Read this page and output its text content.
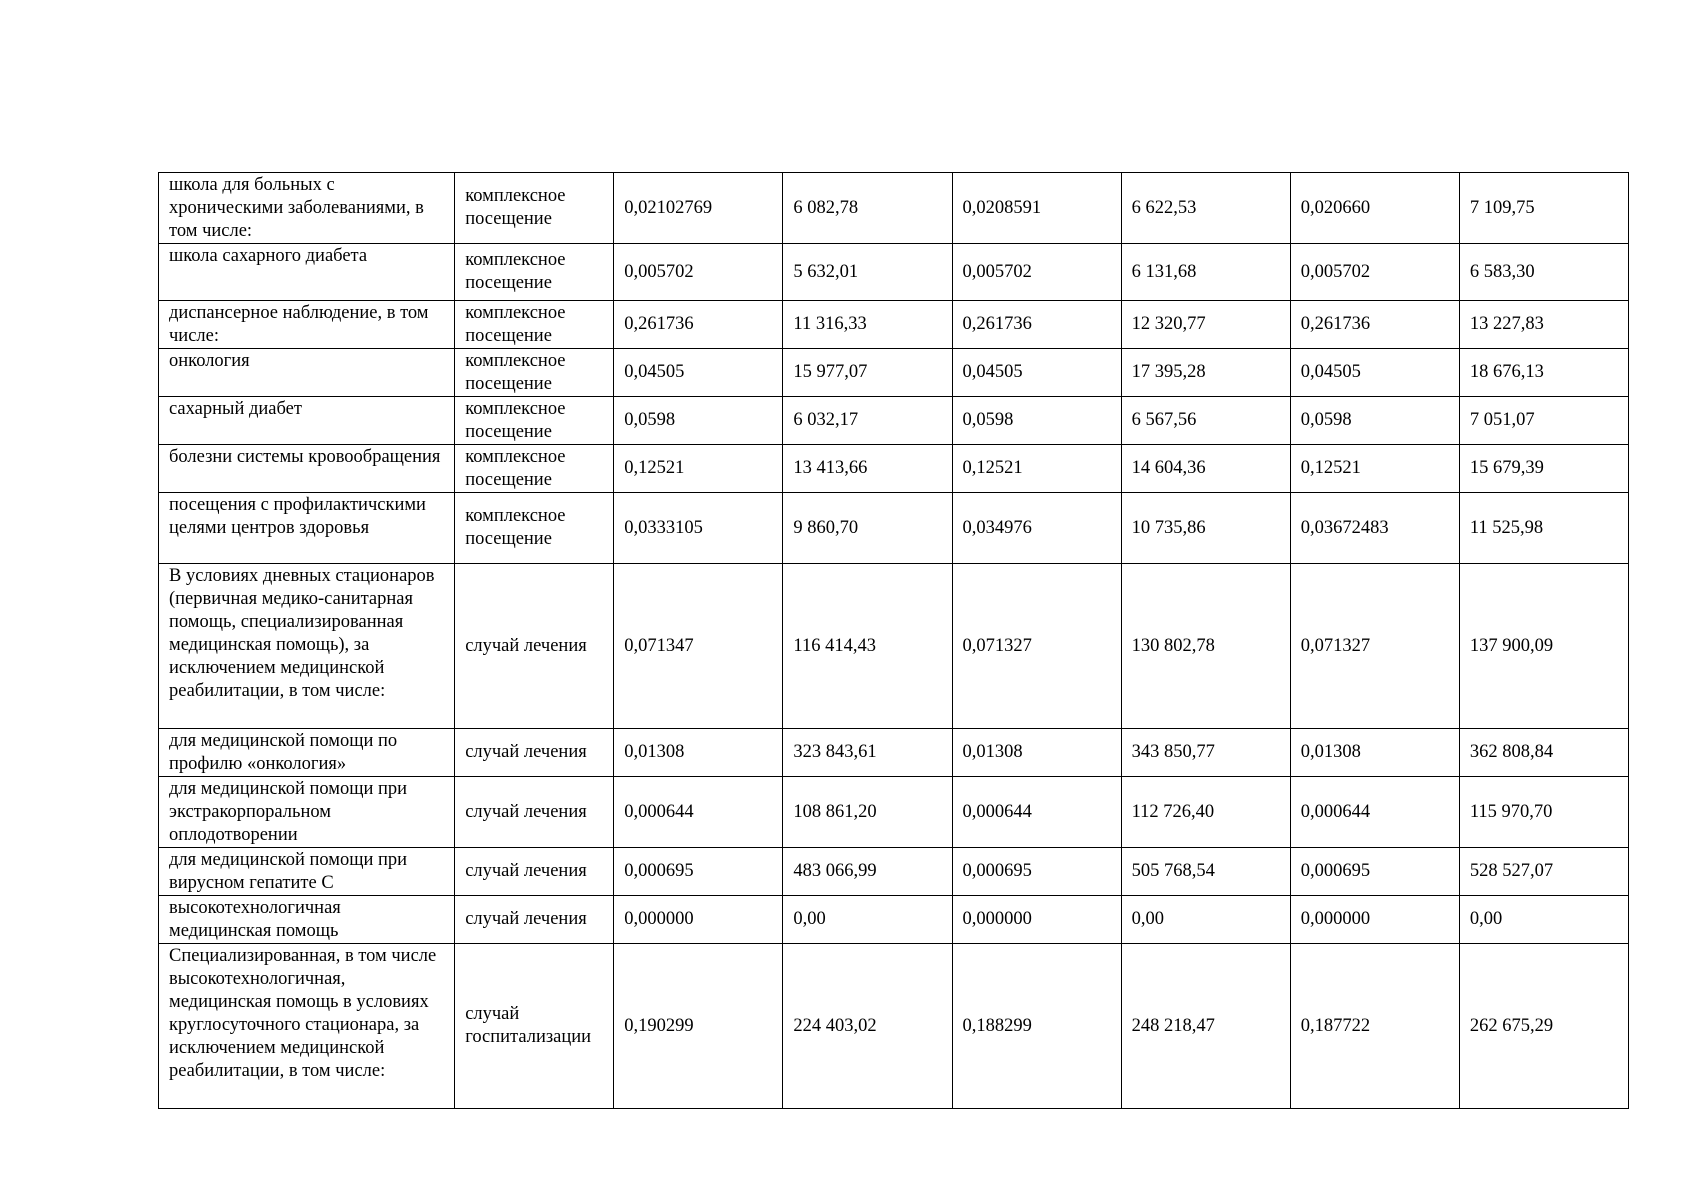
школа для больных с хроническими заболеваниями, в том числе:	комплексное посещение	0,02102769	6 082,78	0,0208591	6 622,53	0,020660	7 109,75
школа сахарного диабета	комплексное посещение	0,005702	5 632,01	0,005702	6 131,68	0,005702	6 583,30
диспансерное наблюдение, в том числе:	комплексное посещение	0,261736	11 316,33	0,261736	12 320,77	0,261736	13 227,83
онкология	комплексное посещение	0,04505	15 977,07	0,04505	17 395,28	0,04505	18 676,13
сахарный диабет	комплексное посещение	0,0598	6 032,17	0,0598	6 567,56	0,0598	7 051,07
болезни системы кровообращения	комплексное посещение	0,12521	13 413,66	0,12521	14 604,36	0,12521	15 679,39
посещения с профилактичскими целями центров здоровья	комплексное посещение	0,0333105	9 860,70	0,034976	10 735,86	0,03672483	11 525,98
В условиях дневных стационаров (первичная медико-санитарная помощь, специализированная медицинская помощь), за исключением медицинской реабилитации, в том числе:	случай лечения	0,071347	116 414,43	0,071327	130 802,78	0,071327	137 900,09
для медицинской помощи по профилю «онкология»	случай лечения	0,01308	323 843,61	0,01308	343 850,77	0,01308	362 808,84
для медицинской помощи при экстракорпоральном оплодотворении	случай лечения	0,000644	108 861,20	0,000644	112 726,40	0,000644	115 970,70
для медицинской помощи при вирусном гепатите С	случай лечения	0,000695	483 066,99	0,000695	505 768,54	0,000695	528 527,07
высокотехнологичная медицинская помощь	случай лечения	0,000000	0,00	0,000000	0,00	0,000000	0,00
Специализированная, в том числе высокотехнологичная, медицинская помощь в условиях круглосуточного стационара, за исключением медицинской реабилитации, в том числе:	случай госпитализации	0,190299	224 403,02	0,188299	248 218,47	0,187722	262 675,29
